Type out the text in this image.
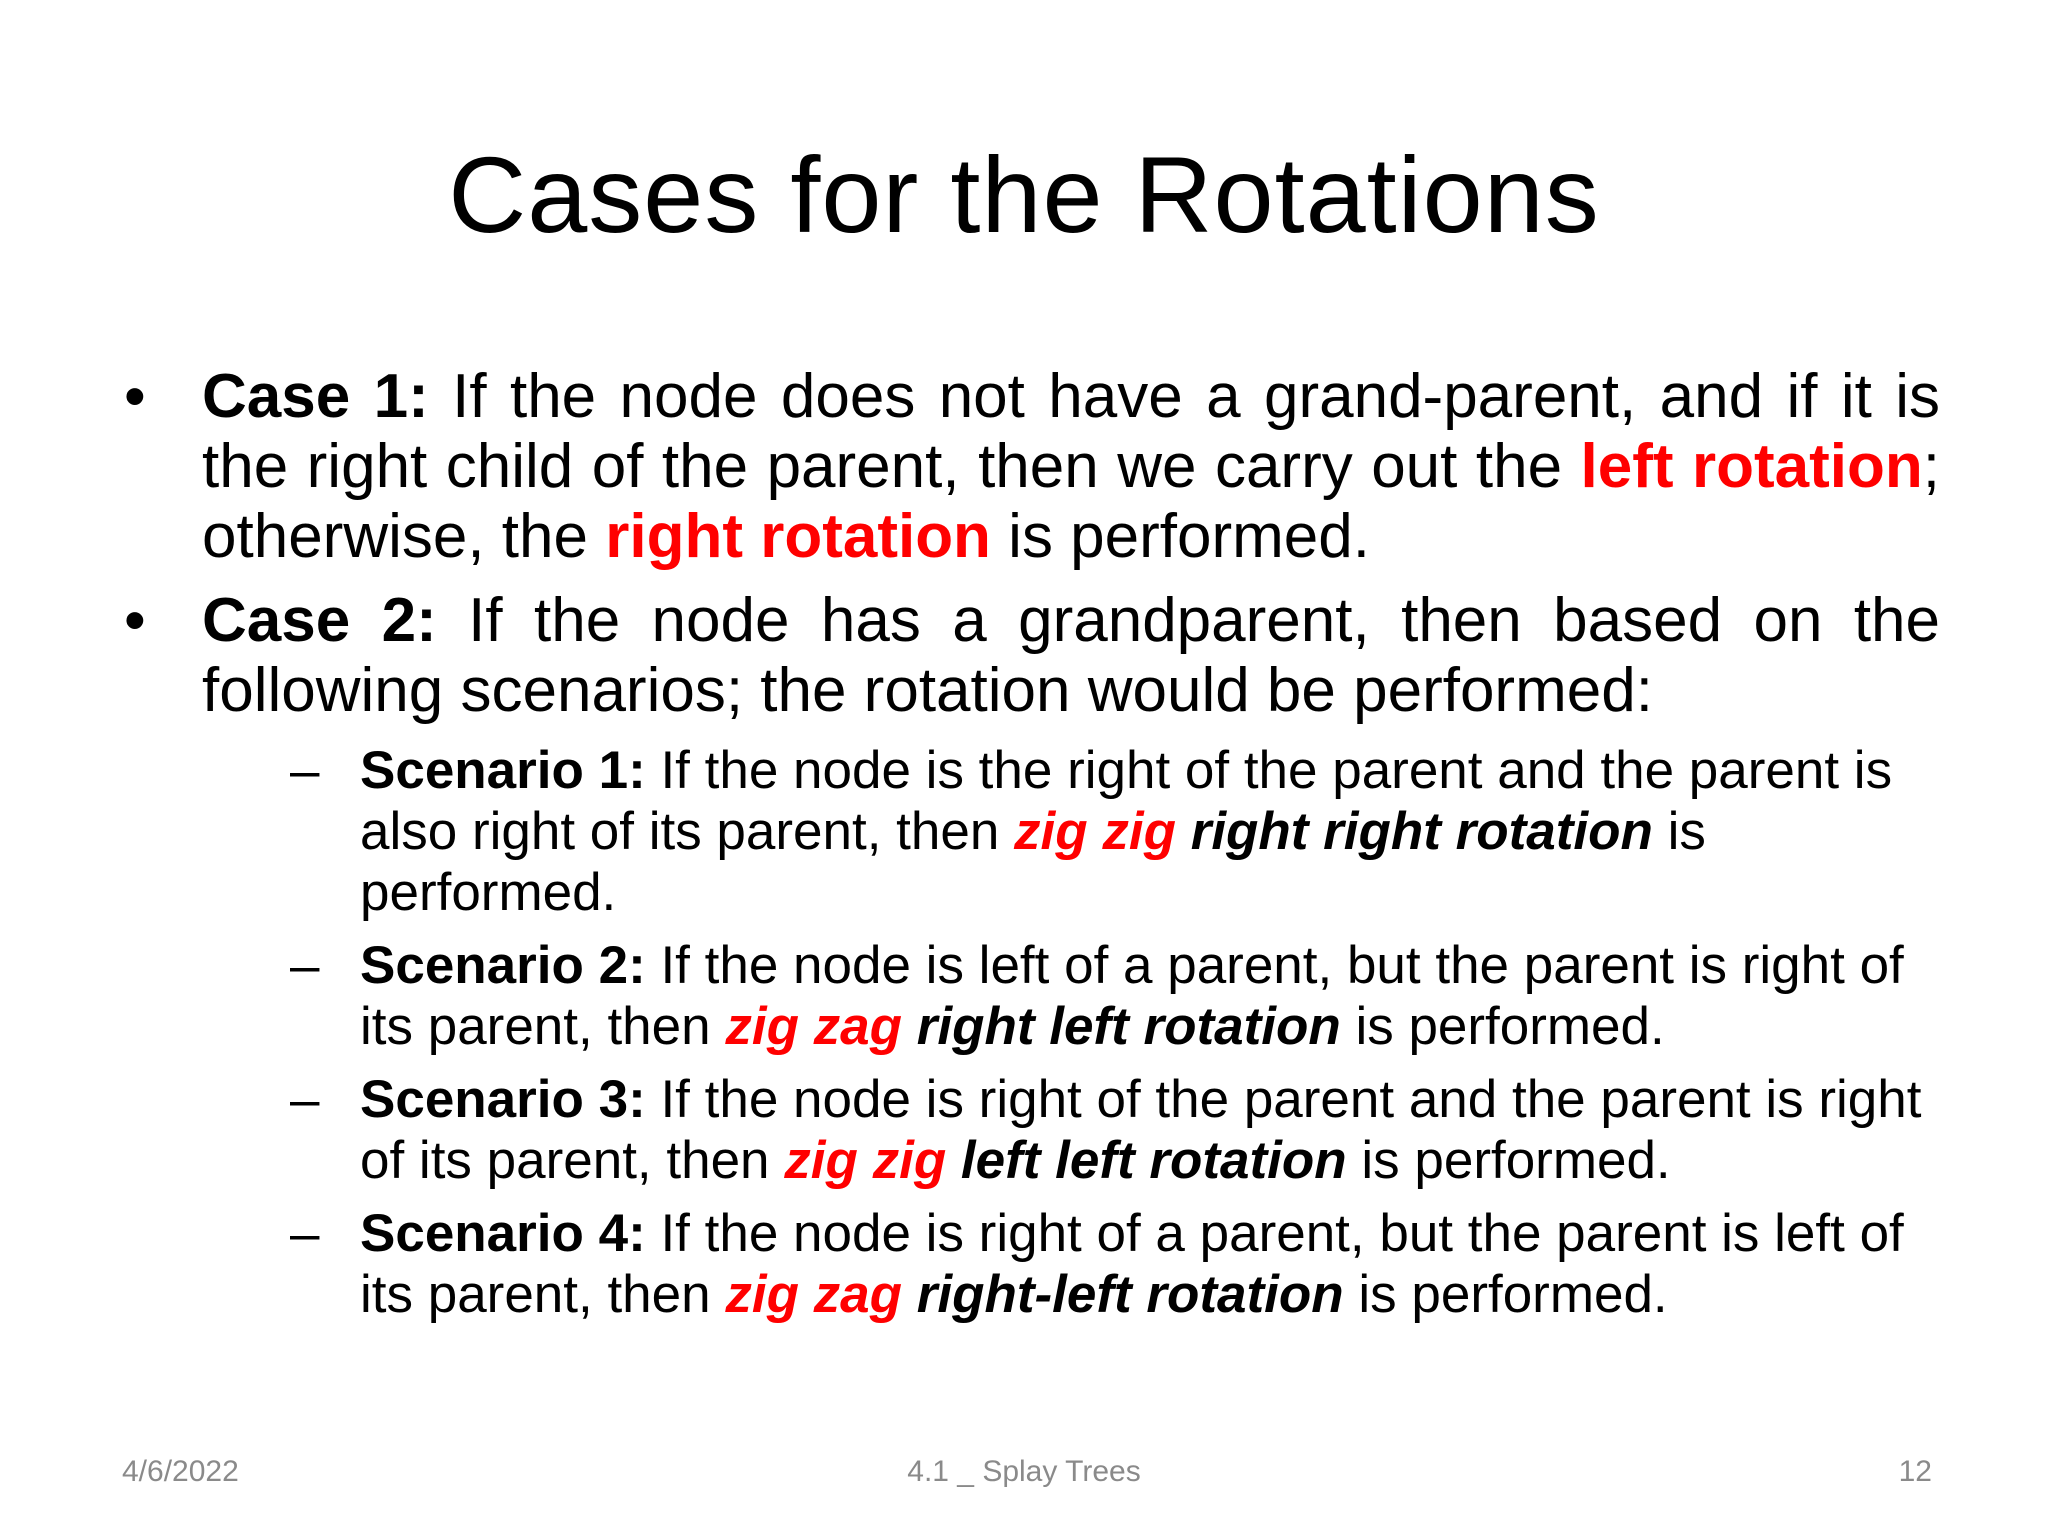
Cases for the Rotations
• Case 1: If the node does not have a grand-parent, and if it is the right child of the parent, then we carry out the left rotation; otherwise, the right rotation is performed.
• Case 2: If the node has a grandparent, then based on the following scenarios; the rotation would be performed:
– Scenario 1: If the node is the right of the parent and the parent is also right of its parent, then zig zig right right rotation is performed.
– Scenario 2: If the node is left of a parent, but the parent is right of its parent, then zig zag right left rotation is performed.
– Scenario 3: If the node is right of the parent and the parent is right of its parent, then zig zig left left rotation is performed.
– Scenario 4: If the node is right of a parent, but the parent is left of its parent, then zig zag right-left rotation is performed.
4/6/2022	4.1 _ Splay Trees	12
